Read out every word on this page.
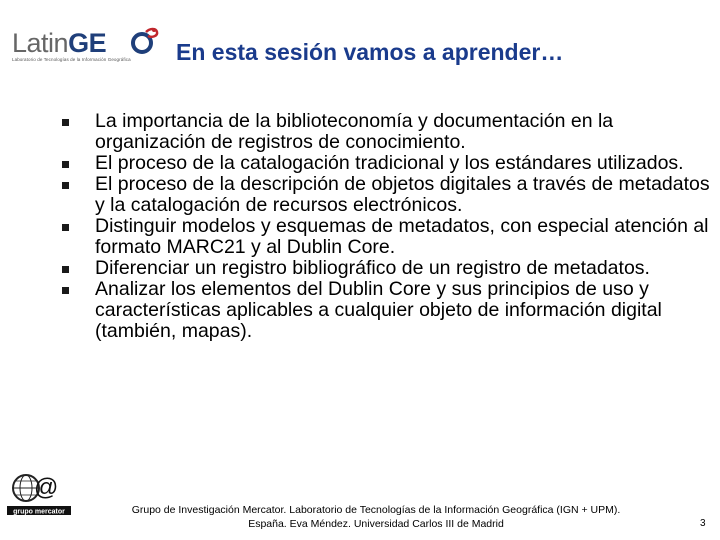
LatinGE
Laboratorio de Tecnologías de la Información Geográfica En esta sesión vamos a aprender…
La importancia de la biblioteconomía y documentación en la organización de registros de conocimiento.
El proceso de la catalogación tradicional y los estándares utilizados.
El proceso de la descripción de objetos digitales a través de metadatos y la catalogación de recursos electrónicos.
Distinguir modelos y esquemas de metadatos, con especial atención al formato MARC21 y al Dublin Core.
Diferenciar un registro bibliográfico de un registro de metadatos.
Analizar los elementos del Dublin Core y sus principios de uso y características aplicables a cualquier objeto de información digital (también, mapas).
@
grupo mercator	Grupo de Investigación Mercator. Laboratorio de Tecnologías de la Información Geográfica (IGN + UPM).
España. Eva Méndez. Universidad Carlos III de Madrid	3
